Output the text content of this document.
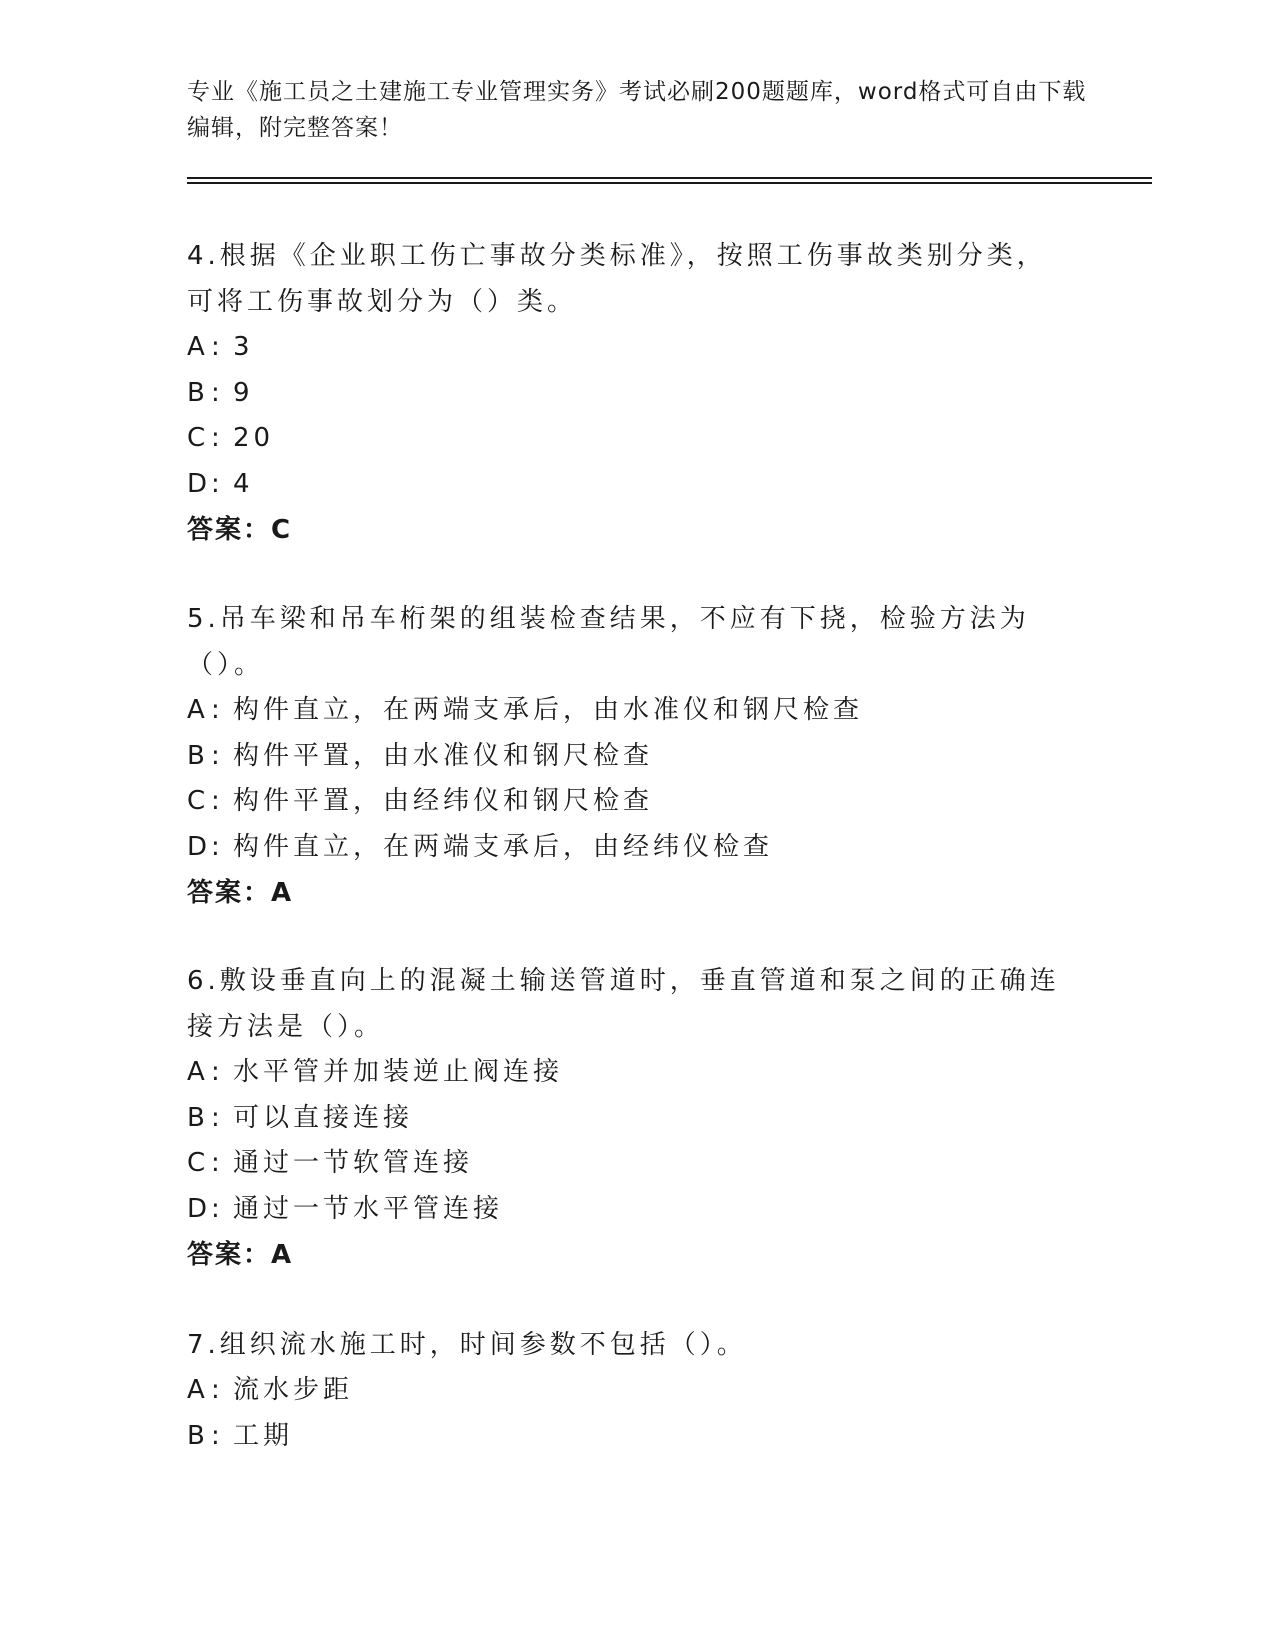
专业《施工员之土建施工专业管理实务》考试必刷200题题库，word格式可自由下载编辑，附完整答案！
4.根据《企业职工伤亡事故分类标准》，按照工伤事故类别分类，可将工伤事故划分为（）类。
A : 3
B : 9
C : 20
D : 4
答案：C
5.吊车梁和吊车桁架的组装检查结果，不应有下挠，检验方法为（）。
A : 构件直立，在两端支承后，由水准仪和钢尺检查
B : 构件平置，由水准仪和钢尺检查
C : 构件平置，由经纬仪和钢尺检查
D : 构件直立，在两端支承后，由经纬仪检查
答案：A
6.敷设垂直向上的混凝土输送管道时，垂直管道和泵之间的正确连接方法是（）。
A : 水平管并加装逆止阀连接
B : 可以直接连接
C : 通过一节软管连接
D : 通过一节水平管连接
答案：A
7.组织流水施工时，时间参数不包括（）。
A : 流水步距
B : 工期
